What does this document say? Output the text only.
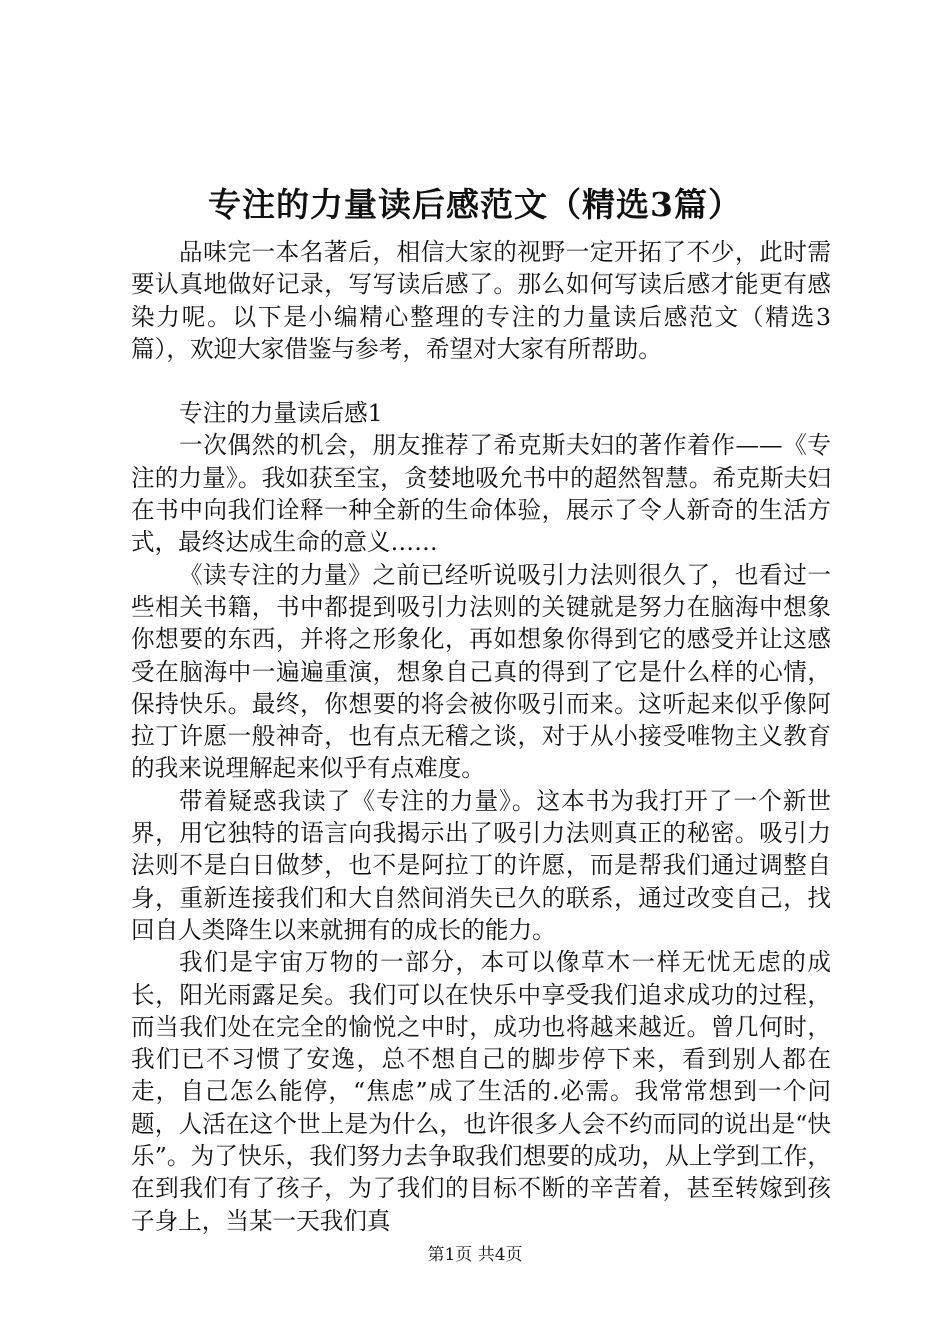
专注的力量读后感范文（精选3篇）

品味完一本名著后，相信大家的视野一定开拓了不少，此时需要认真地做好记录，写写读后感了。那么如何写读后感才能更有感染力呢。以下是小编精心整理的专注的力量读后感范文（精选3篇），欢迎大家借鉴与参考，希望对大家有所帮助。

专注的力量读后感1

一次偶然的机会，朋友推荐了希克斯夫妇的著作着作——《专注的力量》。我如获至宝，贪婪地吸允书中的超然智慧。希克斯夫妇在书中向我们诠释一种全新的生命体验，展示了令人新奇的生活方式，最终达成生命的意义……

《读专注的力量》之前已经听说吸引力法则很久了，也看过一些相关书籍，书中都提到吸引力法则的关键就是努力在脑海中想象你想要的东西，并将之形象化，再如想象你得到它的感受并让这感受在脑海中一遍遍重演，想象自己真的得到了它是什么样的心情，保持快乐。最终，你想要的将会被你吸引而来。这听起来似乎像阿拉丁许愿一般神奇，也有点无稽之谈，对于从小接受唯物主义教育的我来说理解起来似乎有点难度。

带着疑惑我读了《专注的力量》。这本书为我打开了一个新世界，用它独特的语言向我揭示出了吸引力法则真正的秘密。吸引力法则不是白日做梦，也不是阿拉丁的许愿，而是帮我们通过调整自身，重新连接我们和大自然间消失已久的联系，通过改变自己，找回自人类降生以来就拥有的成长的能力。

我们是宇宙万物的一部分，本可以像草木一样无忧无虑的成长，阳光雨露足矣。我们可以在快乐中享受我们追求成功的过程，而当我们处在完全的愉悦之中时，成功也将越来越近。曾几何时，我们已不习惯了安逸，总不想自己的脚步停下来，看到别人都在走，自己怎么能停，“焦虑”成了生活的.必需。我常常想到一个问题，人活在这个世上是为什么，也许很多人会不约而同的说出是“快乐”。为了快乐，我们努力去争取我们想要的成功，从上学到工作，在到我们有了孩子，为了我们的目标不断的辛苦着，甚至转嫁到孩子身上，当某一天我们真

第1页 共4页
